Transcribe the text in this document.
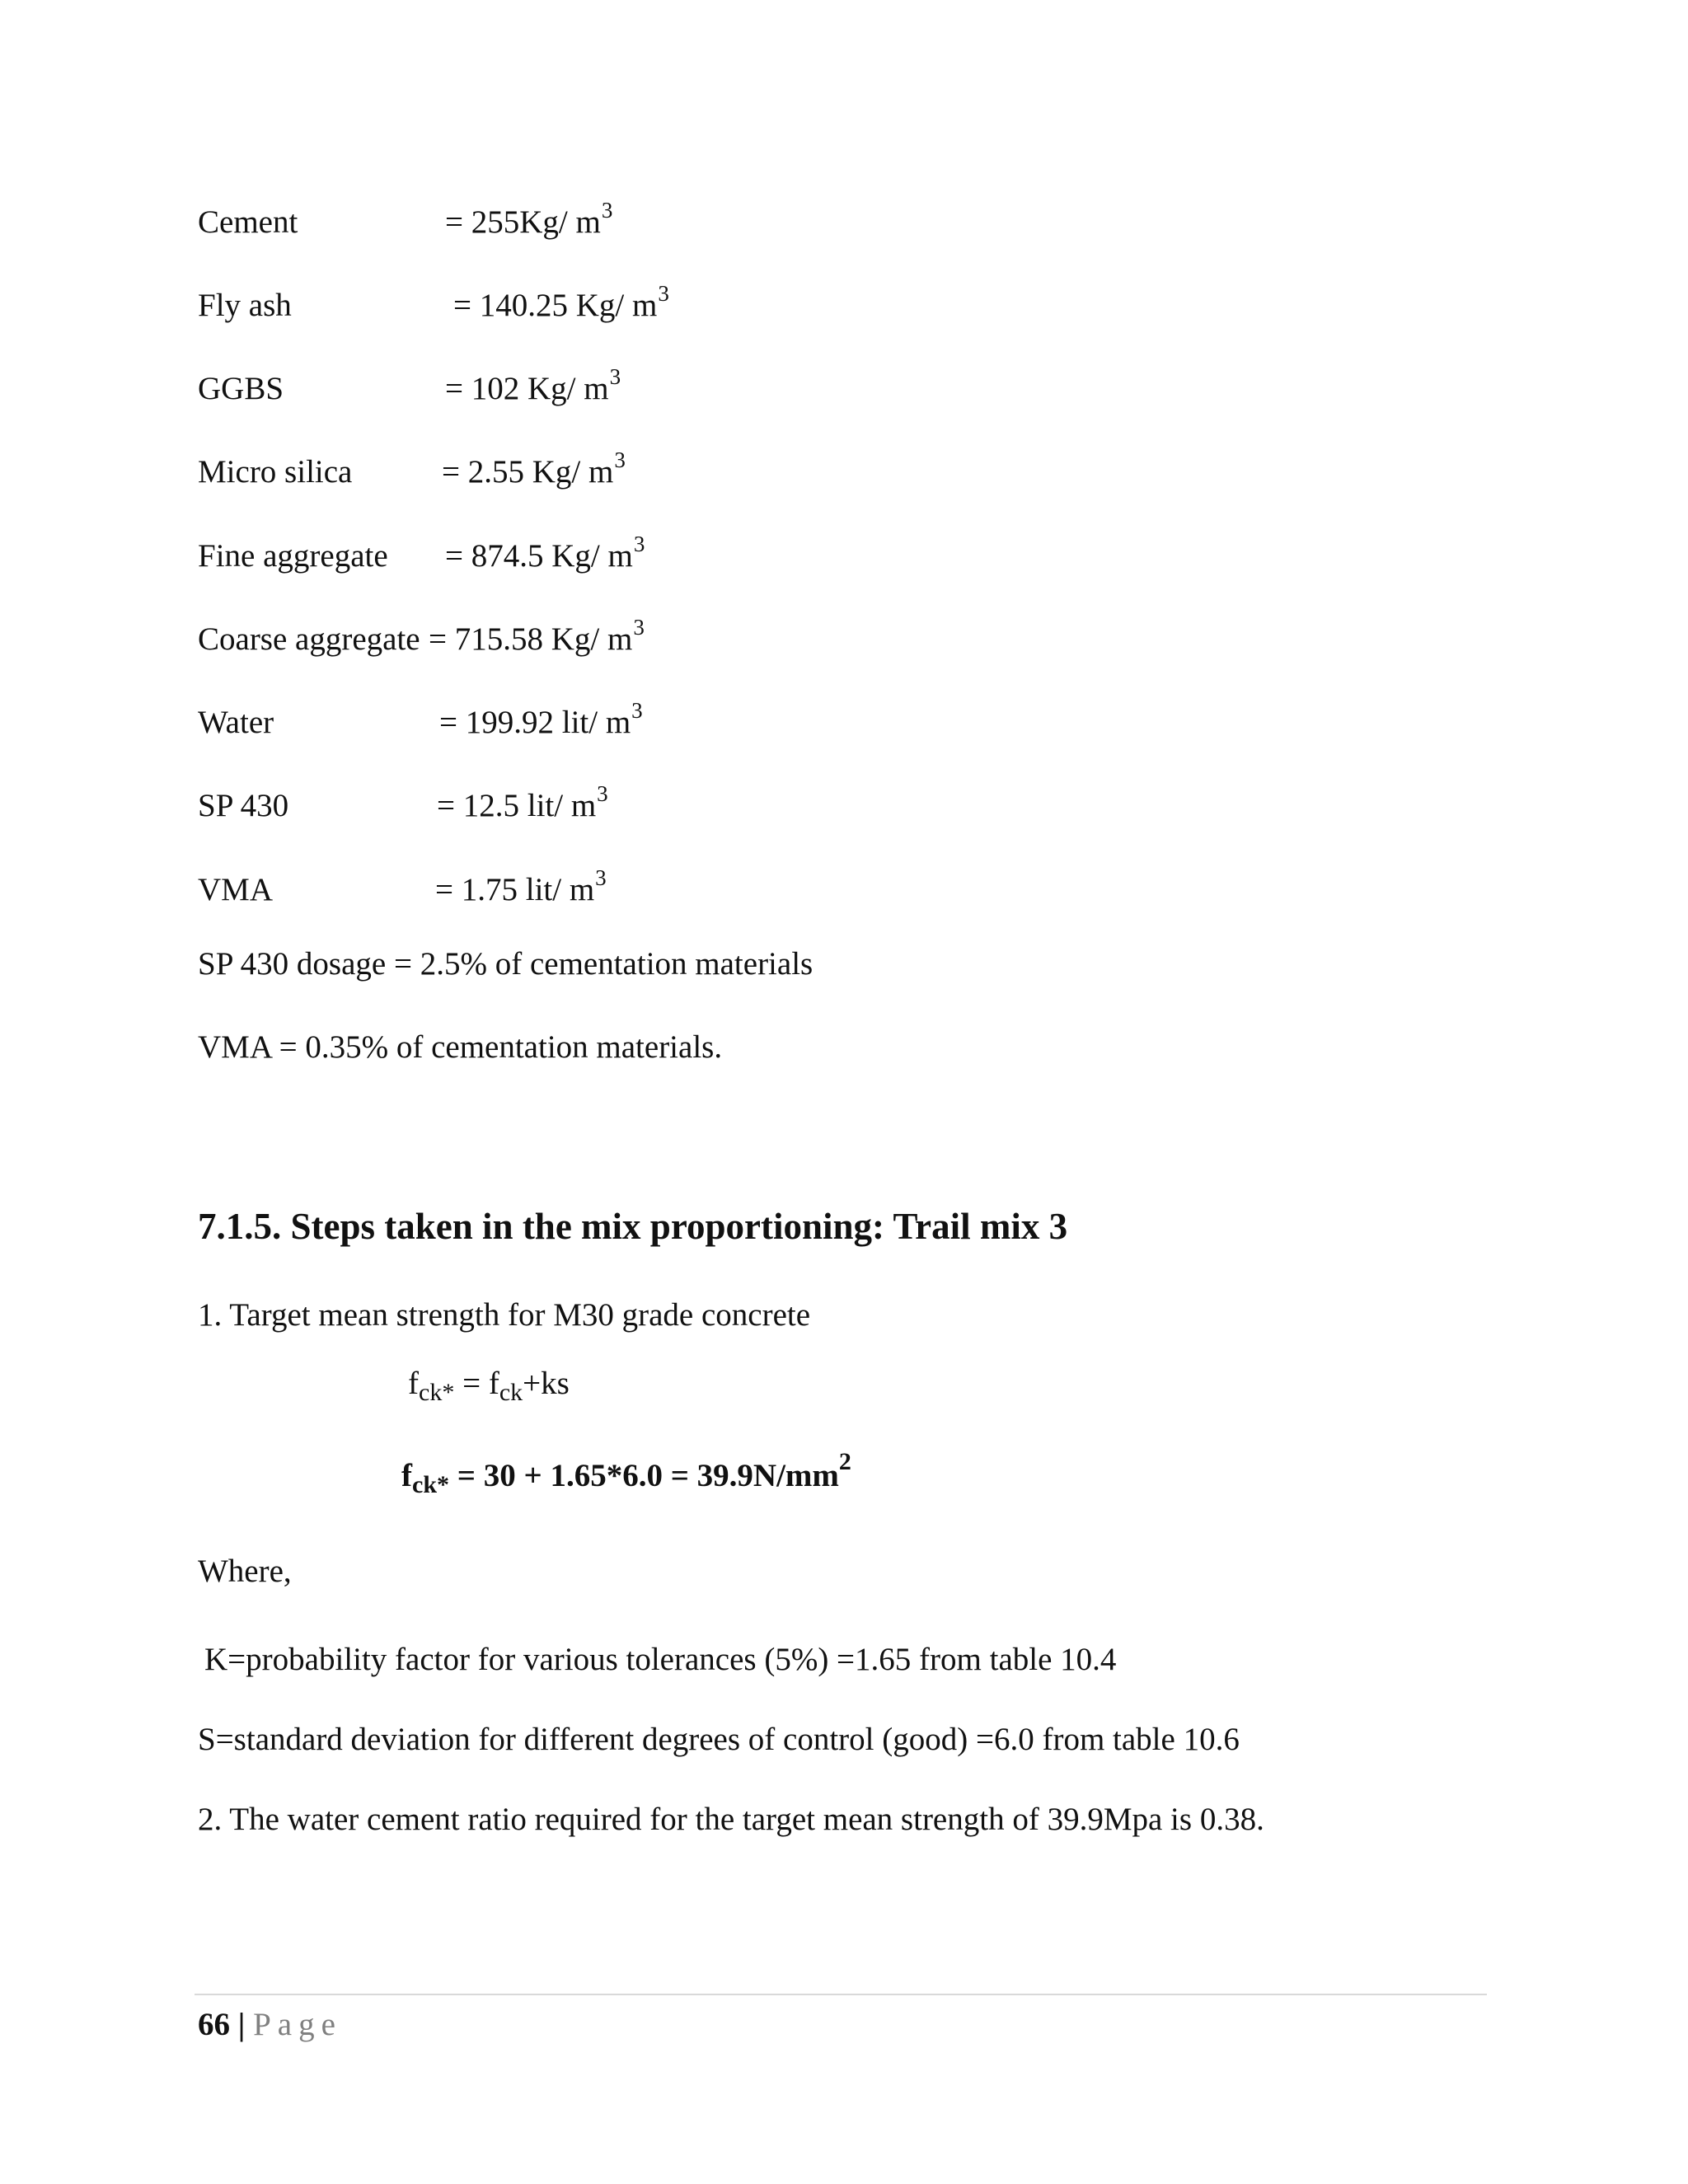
Cement	= 255Kg/ $m^3$
Fly ash	= 140.25 Kg/ $m^3$
GGBS	= 102 Kg/ $m^3$
Micro silica	= 2.55 Kg/ $m^3$
Fine aggregate = 874.5 Kg/ $m^3$
Coarse aggregate = 715.58 Kg/ $m^3$
Water	= 199.92 lit/ $m^3$
SP 430	= 12.5 lit/ $m^3$
VMA	= 1.75 lit/ $m^3$
SP 430 dosage = 2.5% of cementation materials
VMA = 0.35% of cementation materials.
7.1.5. Steps taken in the mix proportioning: Trail mix 3
1. Target mean strength for M30 grade concrete
$f_{ck*} = f_{ck}+ks$
$f_{ck*} = 30 + 1.65*6.0 = 39.9N/mm^2$
Where,
K=probability factor for various tolerances (5%) =1.65 from table 10.4
S=standard deviation for different degrees of control (good) =6.0 from table 10.6
2. The water cement ratio required for the target mean strength of 39.9Mpa is 0.38.
66 | Page
